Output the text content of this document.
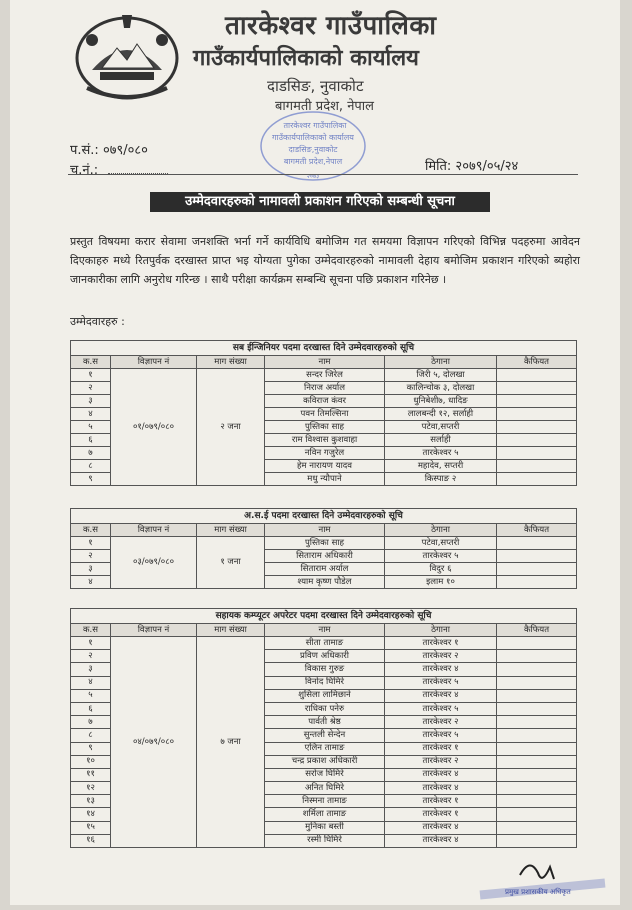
तारकेश्वर गाउँपालिका
गाउँकार्यपालिकाको कार्यालय
दाडसिङ, नुवाकोट
बागमती प्रदेश, नेपाल
तारकेश्वर गाउँपालिका
गाउँकार्यपालिकाको कार्यालय
दाडसिङ,नुवाकोट
बागमती प्रदेश,नेपाल
२०७३
प.सं.: ०७९/०८०
च.नं.:	मिति: २०७९/०५/२४
उम्मेदवारहरुको नामावली प्रकाशन गरिएको सम्बन्धी सूचना
प्रस्तुत विषयमा करार सेवामा जनशक्ति भर्ना गर्ने कार्यविधि बमोजिम गत समयमा विज्ञापन गरिएको विभिन्न पदहरुमा आवेदन दिएकाहरु मध्ये रितपुर्वक दरखास्त प्राप्त भइ योग्यता पुगेका उम्मेदवारहरुको नामावली देहाय बमोजिम प्रकाशन गरिएको ब्यहोरा जानकारीका लागि अनुरोध गरिन्छ । साथै परीक्षा कार्यक्रम सम्बन्धि सूचना पछि प्रकाशन गरिनेछ ।
उम्मेदवारहरु :
सब ईन्जिनियर पदमा दरखास्त दिने उम्मेदवारहरुको सूचि					
क.स	विज्ञापन नं	माग संख्या	नाम	ठेगाना	कैफियत
१	०१/०७९/०८०	२ जना	सन्दर जिरेल	जिरी ५, दोलखा	
२			निराज अर्याल	कालिन्चोक ३, दोलखा	
३			कविराज कंवर	धुनिबेशी७, धादिङ	
४			पवन तिमल्सिना	लालबन्दी १२, सर्लाही	
५			पुस्तिका साह	पटेवा,सप्तरी	
६			राम विश्वास कुशवाहा	सर्लाही	
७			नविन गजुरेल	तारकेश्वर ५	
८			हेम नारायण यादव	महादेव, सप्तरी	
९			मधु न्यौपाने	किस्पाङ २	
अ.स.ई पदमा दरखास्त दिने उम्मेदवारहरुको सूचि					
क.स	विज्ञापन नं	माग संख्या	नाम	ठेगाना	कैफियत
१	०३/०७९/०८०	१ जना	पुस्तिका साह	पटेवा,सप्तरी	
२			सिताराम अधिकारी	तारकेश्वर ५	
३			सिताराम अर्याल	विदुर ६	
४			श्याम कृष्ण पौडेल	इलाम १०	
सहायक कम्प्यूटर अपरेटर पदमा दरखास्त दिने उम्मेदवारहरुको सूचि					
क.स	विज्ञापन नं	माग संख्या	नाम	ठेगाना	कैफियत
१	०४/०७९/०८०	७ जना	सीता तामाङ	तारकेश्वर १	
२			प्रविण अधिकारी	तारकेश्वर २	
३			विकास गुरुङ	तारकेश्वर ४	
४			विनोद घिमिरे	तारकेश्वर ५	
५			शुसिला लामिछाने	तारकेश्वर ४	
६			राधिका पनेरु	तारकेश्वर ५	
७			पार्वती श्रेष्ठ	तारकेश्वर २	
८			सुन्तली सेन्देन	तारकेश्वर ५	
९			एलिन तामाङ	तारकेश्वर १	
१०			चन्द्र प्रकाश अधिकारी	तारकेश्वर २	
११			सरोज घिमिरे	तारकेश्वर ४	
१२			अनित घिमिरे	तारकेश्वर ४	
१३			निस्मना तामाङ	तारकेश्वर १	
१४			शर्मिला तामाङ	तारकेश्वर १	
१५			मुनिका बस्ती	तारकेश्वर ४	
१६			रस्मी घिमिरे	तारकेश्वर ४	
प्रमुख प्रशासकीय अधिकृत
